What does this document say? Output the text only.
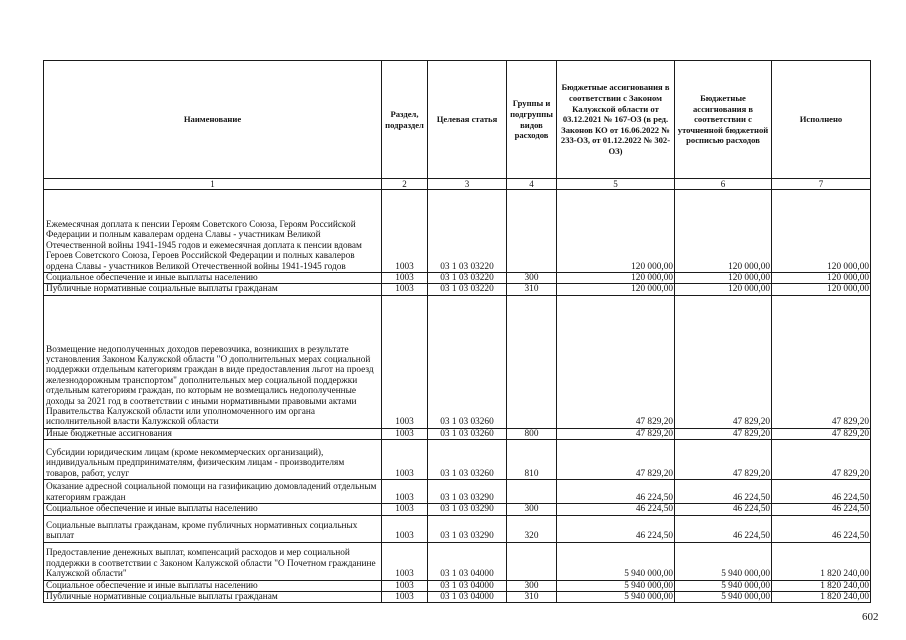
Наименование	Раздел, подраздел	Целевая статья	Группы и подгруппы видов расходов	Бюджетные ассигнования в соответствии с Законом Калужской области от 03.12.2021 № 167-ОЗ (в ред. Законов КО от 16.06.2022 № 233-ОЗ, от 01.12.2022 № 302-ОЗ)	Бюджетные ассигнования в соответствии с уточненной бюджетной росписью расходов	Исполнено
1	2	3	4	5	6	7
Ежемесячная доплата к пенсии Героям Советского Союза, Героям Российской Федерации и полным кавалерам ордена Славы - участникам Великой Отечественной войны 1941-1945 годов и ежемесячная доплата к пенсии вдовам Героев Советского Союза, Героев Российской Федерации и полных кавалеров ордена Славы - участников Великой Отечественной войны 1941-1945 годов	1003	03 1 03 03220		120 000,00	120 000,00	120 000,00
Социальное обеспечение и иные выплаты населению	1003	03 1 03 03220	300	120 000,00	120 000,00	120 000,00
Публичные нормативные социальные выплаты гражданам	1003	03 1 03 03220	310	120 000,00	120 000,00	120 000,00
Возмещение недополученных доходов перевозчика, возникших в результате установления Законом Калужской области "О дополнительных мерах социальной поддержки отдельным категориям граждан в виде предоставления льгот на проезд железнодорожным транспортом" дополнительных мер социальной поддержки отдельным категориям граждан, по которым не возмещались недополученные доходы за 2021 год в соответствии с иными нормативными правовыми актами Правительства Калужской области или уполномоченного им органа исполнительной власти Калужской области	1003	03 1 03 03260		47 829,20	47 829,20	47 829,20
Иные бюджетные ассигнования	1003	03 1 03 03260	800	47 829,20	47 829,20	47 829,20
Субсидии юридическим лицам (кроме некоммерческих организаций), индивидуальным предпринимателям, физическим лицам - производителям товаров, работ, услуг	1003	03 1 03 03260	810	47 829,20	47 829,20	47 829,20
Оказание адресной социальной помощи на газификацию домовладений отдельным категориям граждан	1003	03 1 03 03290		46 224,50	46 224,50	46 224,50
Социальное обеспечение и иные выплаты населению	1003	03 1 03 03290	300	46 224,50	46 224,50	46 224,50
Социальные выплаты гражданам, кроме публичных нормативных социальных выплат	1003	03 1 03 03290	320	46 224,50	46 224,50	46 224,50
Предоставление денежных выплат, компенсаций расходов и мер социальной поддержки в соответствии с Законом Калужской области "О Почетном гражданине Калужской области"	1003	03 1 03 04000		5 940 000,00	5 940 000,00	1 820 240,00
Социальное обеспечение и иные выплаты населению	1003	03 1 03 04000	300	5 940 000,00	5 940 000,00	1 820 240,00
Публичные нормативные социальные выплаты гражданам	1003	03 1 03 04000	310	5 940 000,00	5 940 000,00	1 820 240,00
602
